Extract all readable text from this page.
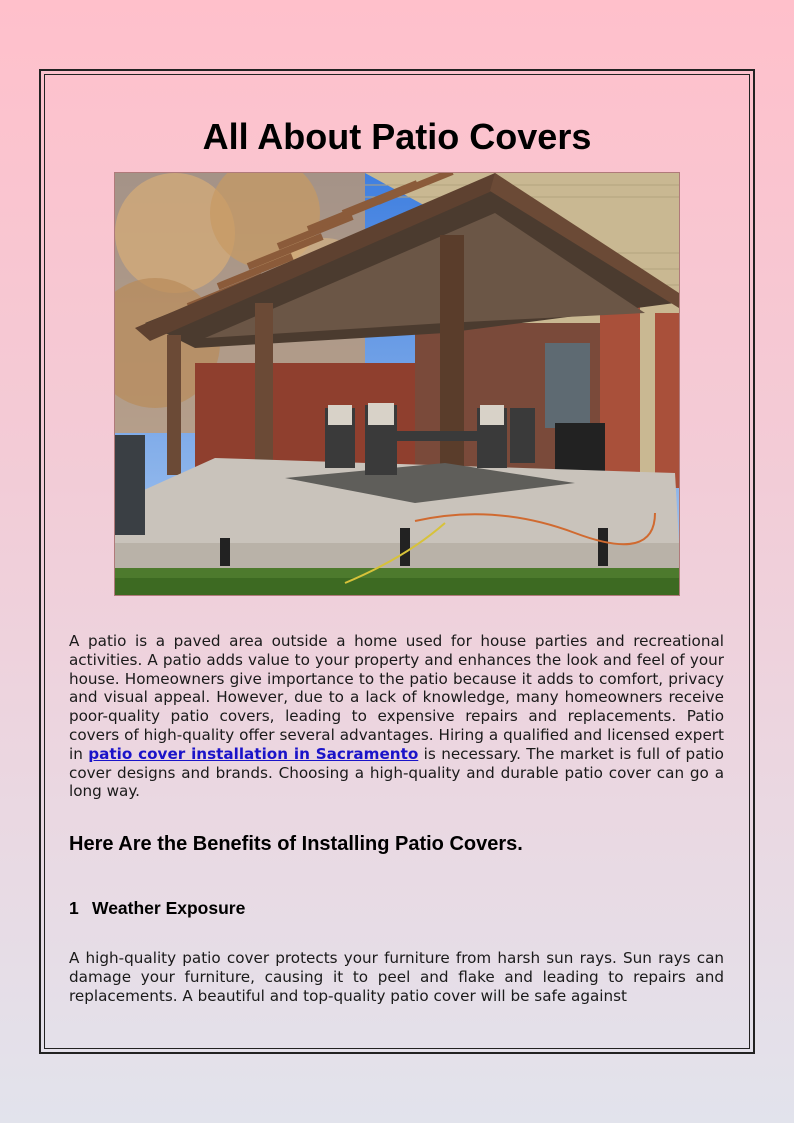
All About Patio Covers

A patio is a paved area outside a home used for house parties and recreational activities. A patio adds value to your property and enhances the look and feel of your house. Homeowners give importance to the patio because it adds to comfort, privacy and visual appeal. However, due to a lack of knowledge, many homeowners receive poor-quality patio covers, leading to expensive repairs and replacements. Patio covers of high-quality offer several advantages. Hiring a qualified and licensed expert in patio cover installation in Sacramento is necessary. The market is full of patio cover designs and brands. Choosing a high-quality and durable patio cover can go a long way.

Here Are the Benefits of Installing Patio Covers.
1 Weather Exposure

A high-quality patio cover protects your furniture from harsh sun rays. Sun rays can damage your furniture, causing it to peel and flake and leading to repairs and replacements. A beautiful and top-quality patio cover will be safe against
